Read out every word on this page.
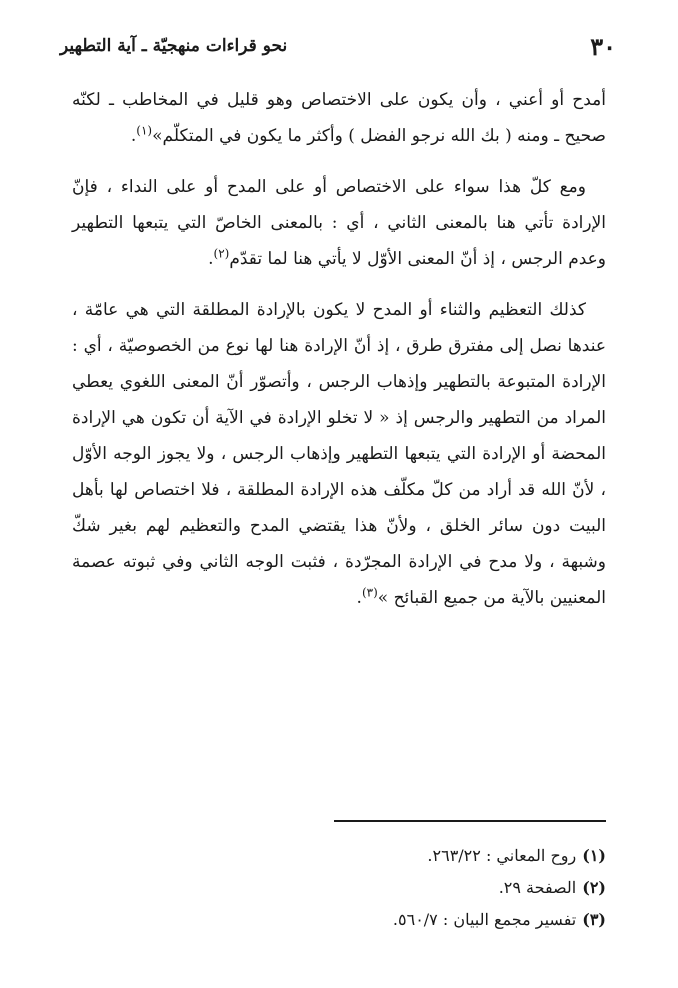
٣٠
نحو قراءات منهجيّة ـ آية التطهير

أمدح أو أعني ، وأن يكون على الاختصاص وهو قليل في المخاطب ـ لكنّه صحيح ـ ومنه ( بك الله نرجو الفضل ) وأكثر ما يكون في المتكلّم»$^{(١)}$.

ومع كلّ هذا سواء على الاختصاص أو على المدح أو على النداء ، فإنّ الإرادة تأتي هنا بالمعنى الثاني ، أي : بالمعنى الخاصّ التي يتبعها التطهير وعدم الرجس ، إذ أنّ المعنى الأوّل لا يأتي هنا لما تقدّم$^{(٢)}$.

كذلك التعظيم والثناء أو المدح لا يكون بالإرادة المطلقة التي هي عامّة ، عندها نصل إلى مفترق طرق ، إذ أنّ الإرادة هنا لها نوع من الخصوصيّة ، أي : الإرادة المتبوعة بالتطهير وإذهاب الرجس ، وأتصوّر أنّ المعنى اللغوي يعطي المراد من التطهير والرجس إذ « لا تخلو الإرادة في الآية أن تكون هي الإرادة المحضة أو الإرادة التي يتبعها التطهير وإذهاب الرجس ، ولا يجوز الوجه الأوّل ، لأنّ الله قد أراد من كلّ مكلّف هذه الإرادة المطلقة ، فلا اختصاص لها بأهل البيت دون سائر الخلق ، ولأنّ هذا يقتضي المدح والتعظيم لهم بغير شكّ وشبهة ، ولا مدح في الإرادة المجرّدة ، فثبت الوجه الثاني وفي ثبوته عصمة المعنيين بالآية من جميع القبائح »$^{(٣)}$.

(١)روح المعاني : ٢٦٣/٢٢.

(٢)الصفحة ٢٩.

(٣)تفسير مجمع البيان : ٥٦٠/٧.
